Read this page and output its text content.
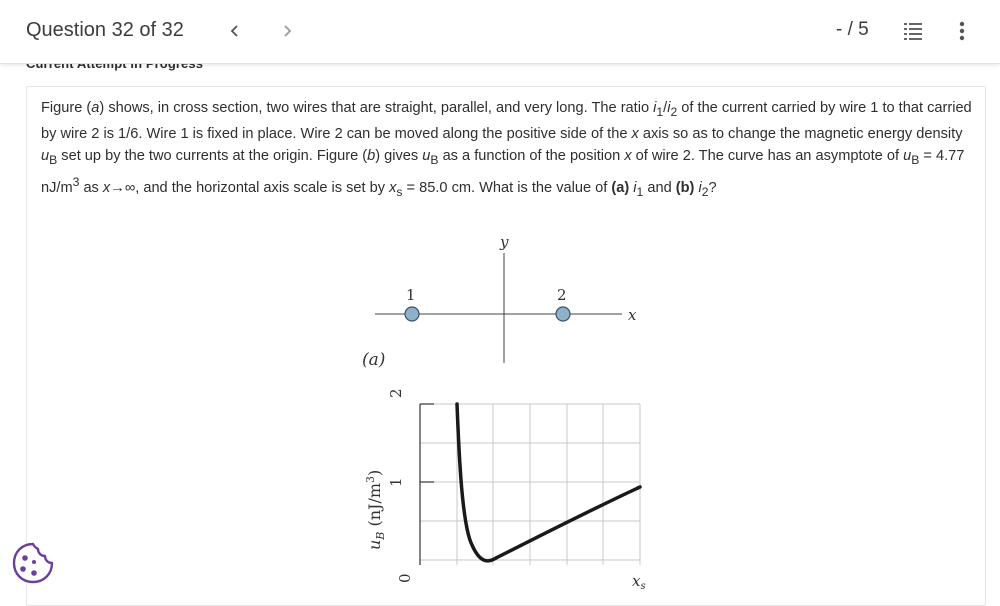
Question 32 of 32	- / 5
Figure (a) shows, in cross section, two wires that are straight, parallel, and very long. The ratio $i_1/i_2$ of the current carried by wire 1 to that carried by wire 2 is 1/6. Wire 1 is fixed in place. Wire 2 can be moved along the positive side of the x axis so as to change the magnetic energy density $u_B$ set up by the two currents at the origin. Figure (b) gives $u_B$ as a function of the position x of wire 2. The curve has an asymptote of $u_B = 4.77$ $nJ/m^3$ as x→∞, and the horizontal axis scale is set by $x_s = 85.0$ cm. What is the value of (a) $i_1$ and (b) $i_2$?
y
x
1	2
(a)
2
1
0
$u_B$ $(nJ/m^3)$
$x_s$
